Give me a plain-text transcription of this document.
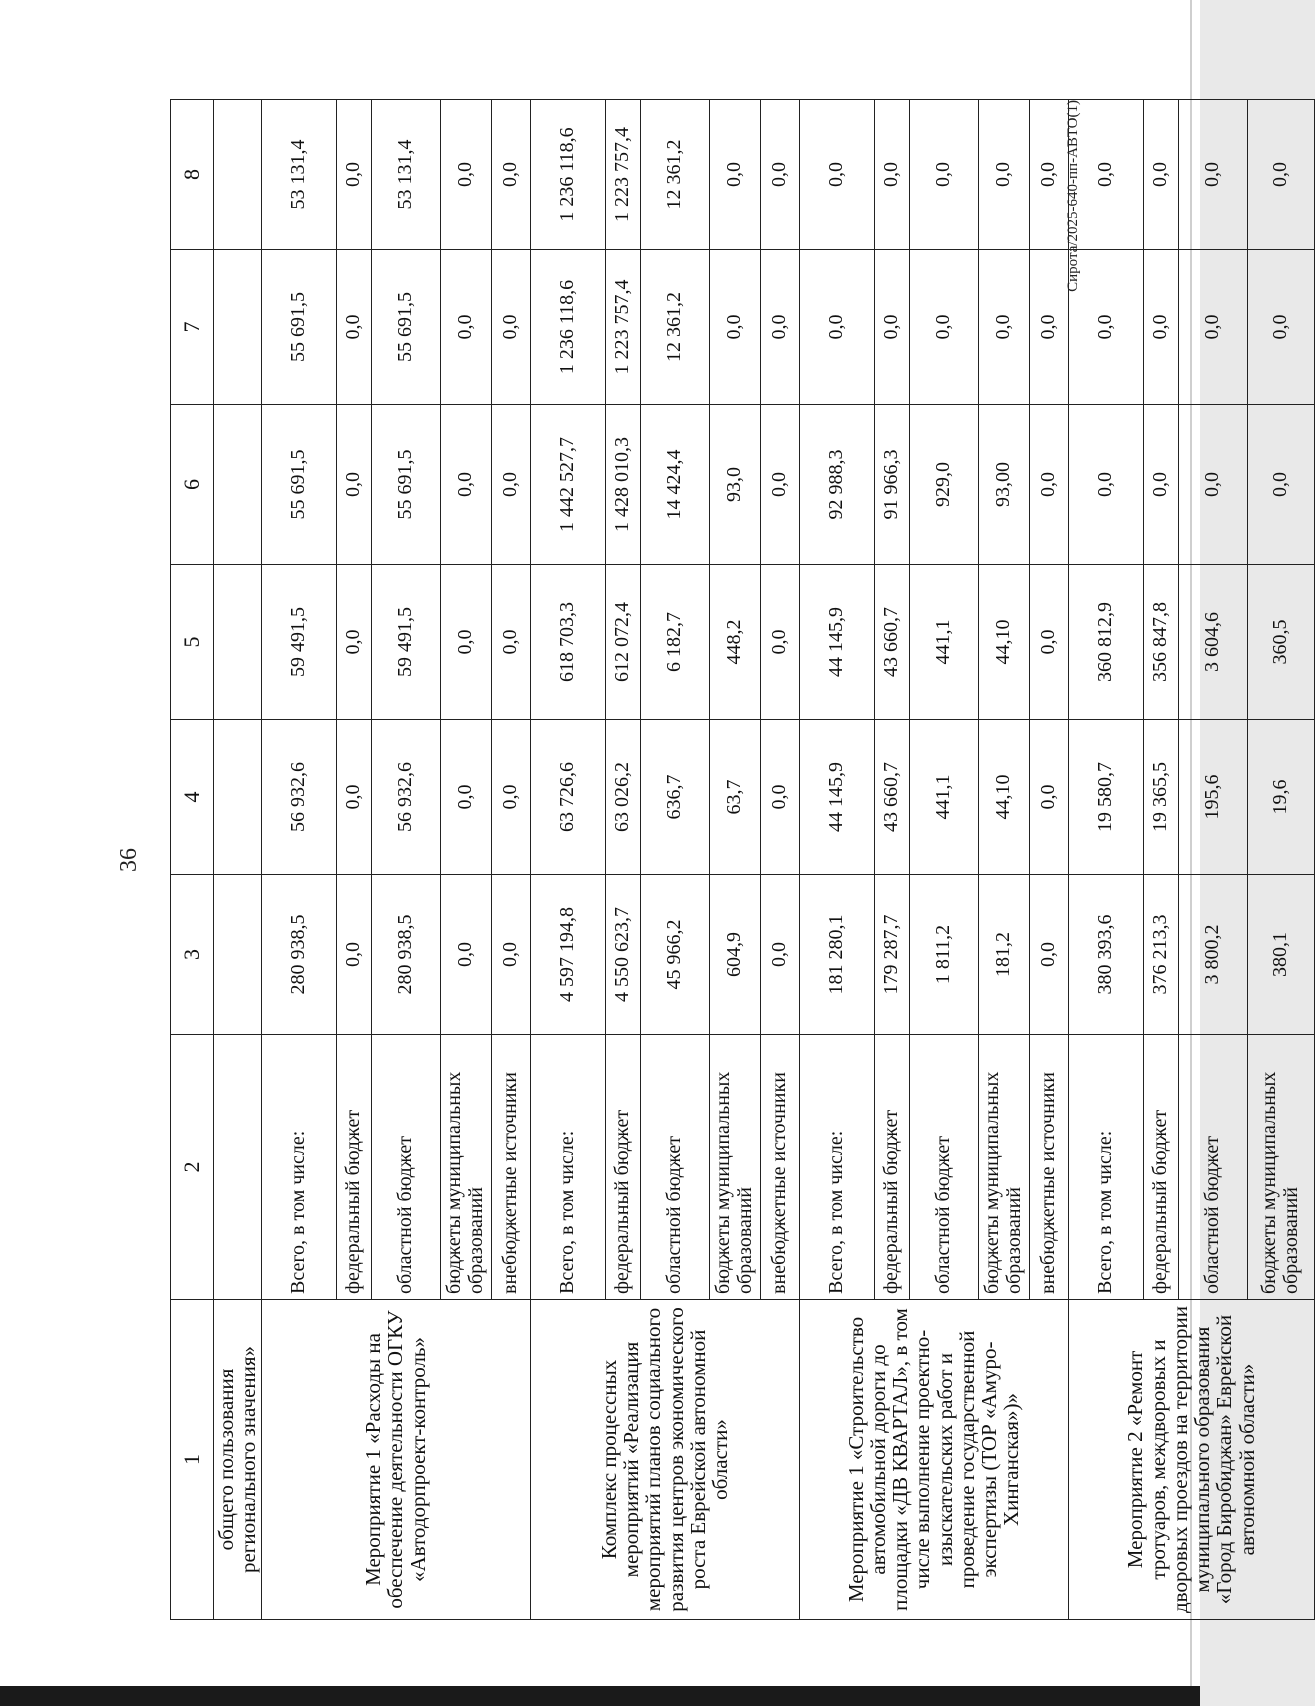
36
1	2	3	4	5	6	7	8
общего пользования регионального значения»							
Мероприятие 1 «Расходы на обеспечение деятельности ОГКУ «Автодорпроект-контроль»	Всего, в том числе:	280 938,5	56 932,6	59 491,5	55 691,5	55 691,5	53 131,4
	федеральный бюджет	0,0	0,0	0,0	0,0	0,0	0,0
	областной бюджет	280 938,5	56 932,6	59 491,5	55 691,5	55 691,5	53 131,4
	бюджеты муниципальных образований	0,0	0,0	0,0	0,0	0,0	0,0
	внебюджетные источники	0,0	0,0	0,0	0,0	0,0	0,0
Комплекс процессных мероприятий «Реализация мероприятий планов социального развития центров экономического роста Еврейской автономной области»	Всего, в том числе:	4 597 194,8	63 726,6	618 703,3	1 442 527,7	1 236 118,6	1 236 118,6
	федеральный бюджет	4 550 623,7	63 026,2	612 072,4	1 428 010,3	1 223 757,4	1 223 757,4
	областной бюджет	45 966,2	636,7	6 182,7	14 424,4	12 361,2	12 361,2
	бюджеты муниципальных образований	604,9	63,7	448,2	93,0	0,0	0,0
	внебюджетные источники	0,0	0,0	0,0	0,0	0,0	0,0
Мероприятие 1 «Строительство автомобильной дороги до площадки «ДВ КВАРТАЛ», в том числе выполнение проектно-изыскательских работ и проведение государственной экспертизы (ТОР «Амуро-Хинганская»)»	Всего, в том числе:	181 280,1	44 145,9	44 145,9	92 988,3	0,0	0,0
	федеральный бюджет	179 287,7	43 660,7	43 660,7	91 966,3	0,0	0,0
	областной бюджет	1 811,2	441,1	441,1	929,0	0,0	0,0
	бюджеты муниципальных образований	181,2	44,10	44,10	93,00	0,0	0,0
	внебюджетные источники	0,0	0,0	0,0	0,0	0,0	0,0
Мероприятие 2 «Ремонт тротуаров, междворовых и дворовых проездов на территории муниципального образования «Город Биробиджан» Еврейской автономной области»	Всего, в том числе:	380 393,6	19 580,7	360 812,9	0,0	0,0	0,0
	федеральный бюджет	376 213,3	19 365,5	356 847,8	0,0	0,0	0,0
	областной бюджет	3 800,2	195,6	3 604,6	0,0	0,0	0,0
	бюджеты муниципальных образований	380,1	19,6	360,5	0,0	0,0	0,0
Сирота/2025-640-пп-АВТО(1)
